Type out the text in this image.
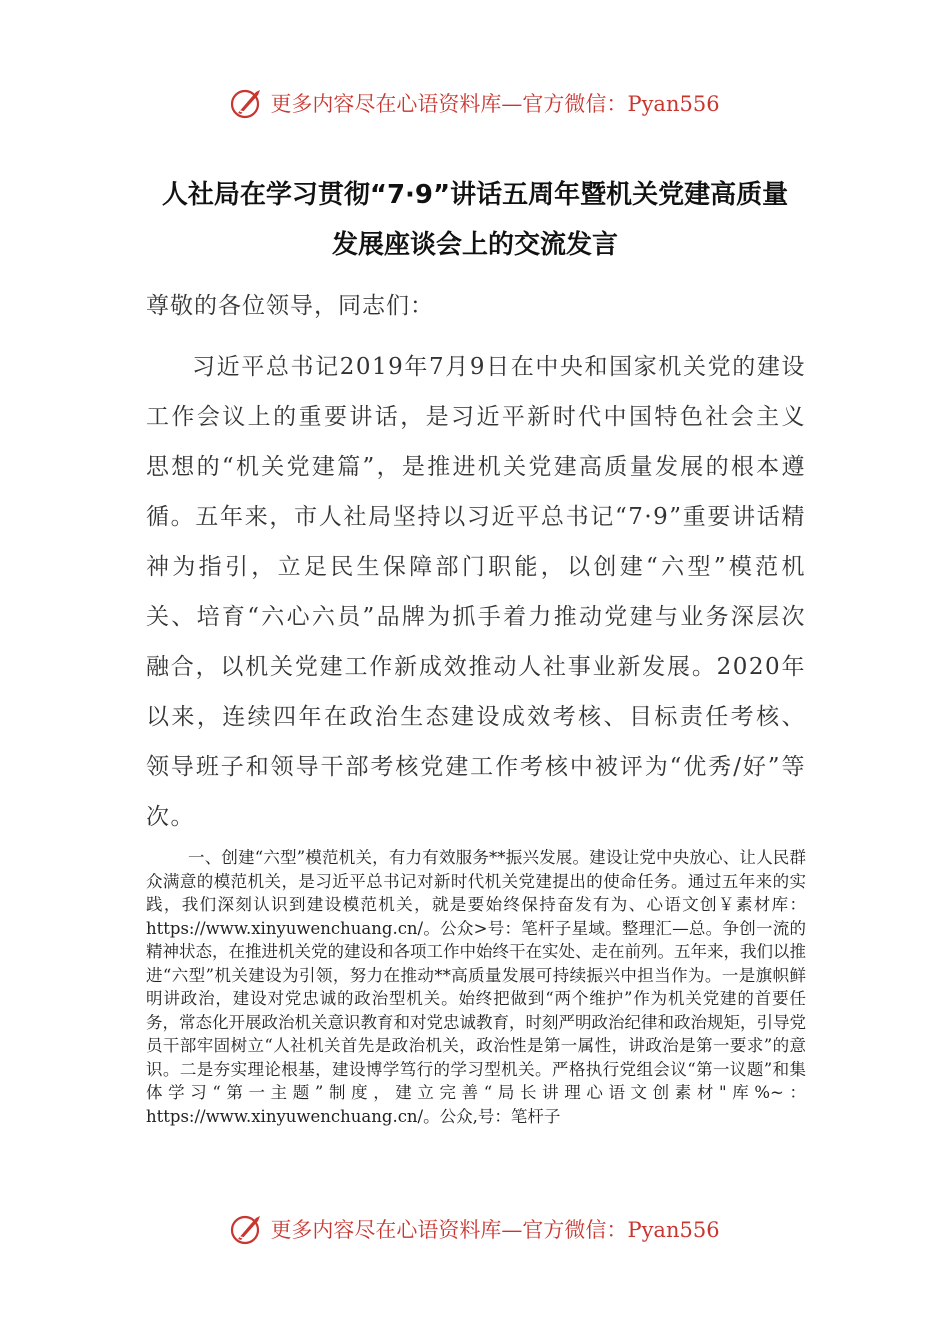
更多内容尽在心语资料库—官方微信：Pyan556
人社局在学习贯彻“7·9”讲话五周年暨机关党建高质量
发展座谈会上的交流发言
尊敬的各位领导，同志们：

习近平总书记2019年7月9日在中央和国家机关党的建设工作会议上的重要讲话，是习近平新时代中国特色社会主义思想的“机关党建篇”，是推进机关党建高质量发展的根本遵循。五年来，市人社局坚持以习近平总书记“7·9”重要讲话精神为指引，立足民生保障部门职能，以创建“六型”模范机关、培育“六心六员”品牌为抓手着力推动党建与业务深层次融合，以机关党建工作新成效推动人社事业新发展。2020年以来，连续四年在政治生态建设成效考核、目标责任考核、领导班子和领导干部考核党建工作考核中被评为“优秀/好”等次。

一、创建“六型”模范机关，有力有效服务**振兴发展。建设让党中央放心、让人民群众满意的模范机关，是习近平总书记对新时代机关党建提出的使命任务。通过五年来的实践，我们深刻认识到建设模范机关，就是要始终保持奋发有为、心语文创￥素材库：https://www.xinyuwenchuang.cn/。公众>号：笔杆子星域。整理汇—总。争创一流的精神状态，在推进机关党的建设和各项工作中始终干在实处、走在前列。五年来，我们以推进“六型”机关建设为引领，努力在推动**高质量发展可持续振兴中担当作为。一是旗帜鲜明讲政治，建设对党忠诚的政治型机关。始终把做到“两个维护”作为机关党建的首要任务，常态化开展政治机关意识教育和对党忠诚教育，时刻严明政治纪律和政治规矩，引导党员干部牢固树立“人社机关首先是政治机关，政治性是第一属性，讲政治是第一要求”的意识。二是夯实理论根基，建设博学笃行的学习型机关。严格执行党组会议“第一议题”和集体学习“第一主题”制度，建立完善“局长讲理心语文创素材"库%~：https://www.xinyuwenchuang.cn/。公众,号：笔杆子

更多内容尽在心语资料库—官方微信：Pyan556
